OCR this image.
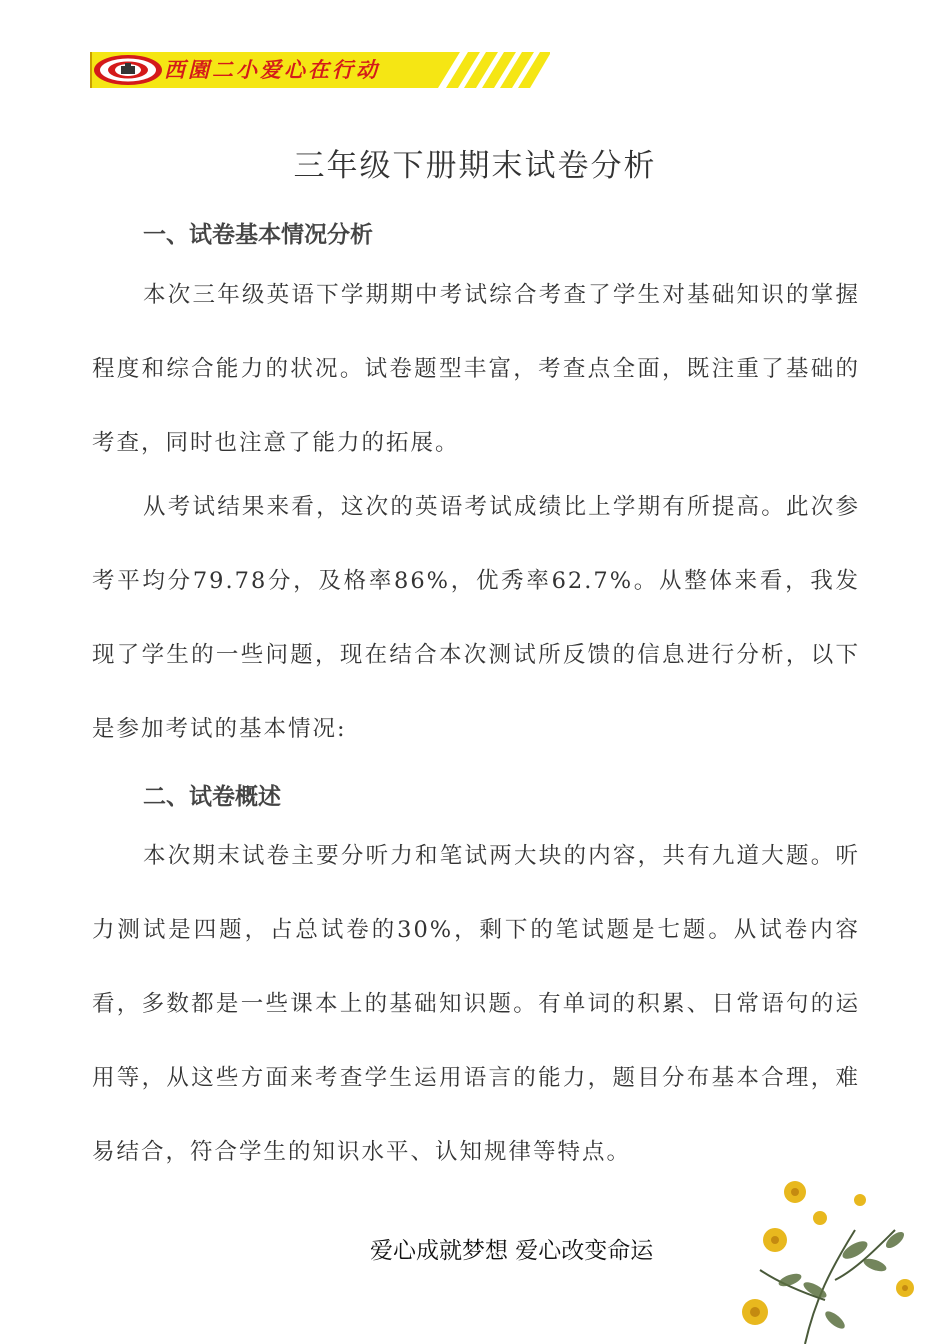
西園二小爱心在行动
三年级下册期末试卷分析
一、试卷基本情况分析

本次三年级英语下学期期中考试综合考查了学生对基础知识的掌握程度和综合能力的状况。试卷题型丰富，考查点全面，既注重了基础的考查，同时也注意了能力的拓展。

从考试结果来看，这次的英语考试成绩比上学期有所提高。此次参考平均分79.78分，及格率86%，优秀率62.7%。从整体来看，我发现了学生的一些问题，现在结合本次测试所反馈的信息进行分析，以下是参加考试的基本情况:

二、试卷概述

本次期末试卷主要分听力和笔试两大块的内容，共有九道大题。听力测试是四题，占总试卷的30%，剩下的笔试题是七题。从试卷内容看，多数都是一些课本上的基础知识题。有单词的积累、日常语句的运用等，从这些方面来考查学生运用语言的能力，题目分布基本合理，难易结合，符合学生的知识水平、认知规律等特点。

爱心成就梦想 爱心改变命运
